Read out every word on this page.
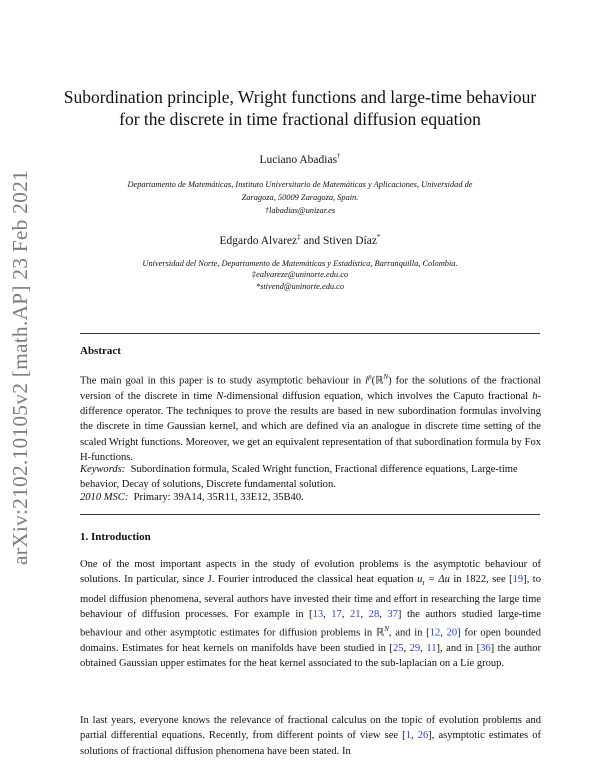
arXiv:2102.10105v2 [math.AP] 23 Feb 2021
Subordination principle, Wright functions and large-time behaviour
for the discrete in time fractional diffusion equation
Luciano Abadias†
Departamento de Matemáticas, Instituto Universitario de Matemáticas y Aplicaciones, Universidad de
Zaragoza, 50009 Zaragoza, Spain.
†labadias@unizar.es
Edgardo Alvarez‡ and Stiven Díaz*
Universidad del Norte, Departamento de Matemáticas y Estadística, Barranquilla, Colombia.
‡ealvareze@uninorte.edu.co
*stivend@uninorte.edu.co
Abstract
The main goal in this paper is to study asymptotic behaviour in $l^p(ℝ^N)$ for the solutions of the fractional version of the discrete in time N-dimensional diffusion equation, which involves the Caputo fractional h-difference operator. The techniques to prove the results are based in new subordination formulas involving the discrete in time Gaussian kernel, and which are defined via an analogue in discrete time setting of the scaled Wright functions. Moreover, we get an equivalent representation of that subordination formula by Fox H-functions.
Keywords: Subordination formula, Scaled Wright function, Fractional difference equations, Large-time behavior, Decay of solutions, Discrete fundamental solution.
2010 MSC: Primary: 39A14, 35R11, 33E12, 35B40.
1. Introduction
One of the most important aspects in the study of evolution problems is the asymptotic behaviour of solutions. In particular, since J. Fourier introduced the classical heat equation $u_t = \Delta u$ in 1822, see [19], to model diffusion phenomena, several authors have invested their time and effort in researching the large time behaviour of diffusion processes. For example in [13, 17, 21, 28, 37] the authors studied large-time behaviour and other asymptotic estimates for diffusion problems in ℝ$^N$, and in [12, 20] for open bounded domains. Estimates for heat kernels on manifolds have been studied in [25, 29, 11], and in [36] the author obtained Gaussian upper estimates for the heat kernel associated to the sub-laplacian on a Lie group.
In last years, everyone knows the relevance of fractional calculus on the topic of evolution problems and partial differential equations. Recently, from different points of view see [1, 26], asymptotic estimates of solutions of fractional diffusion phenomena have been stated. In
